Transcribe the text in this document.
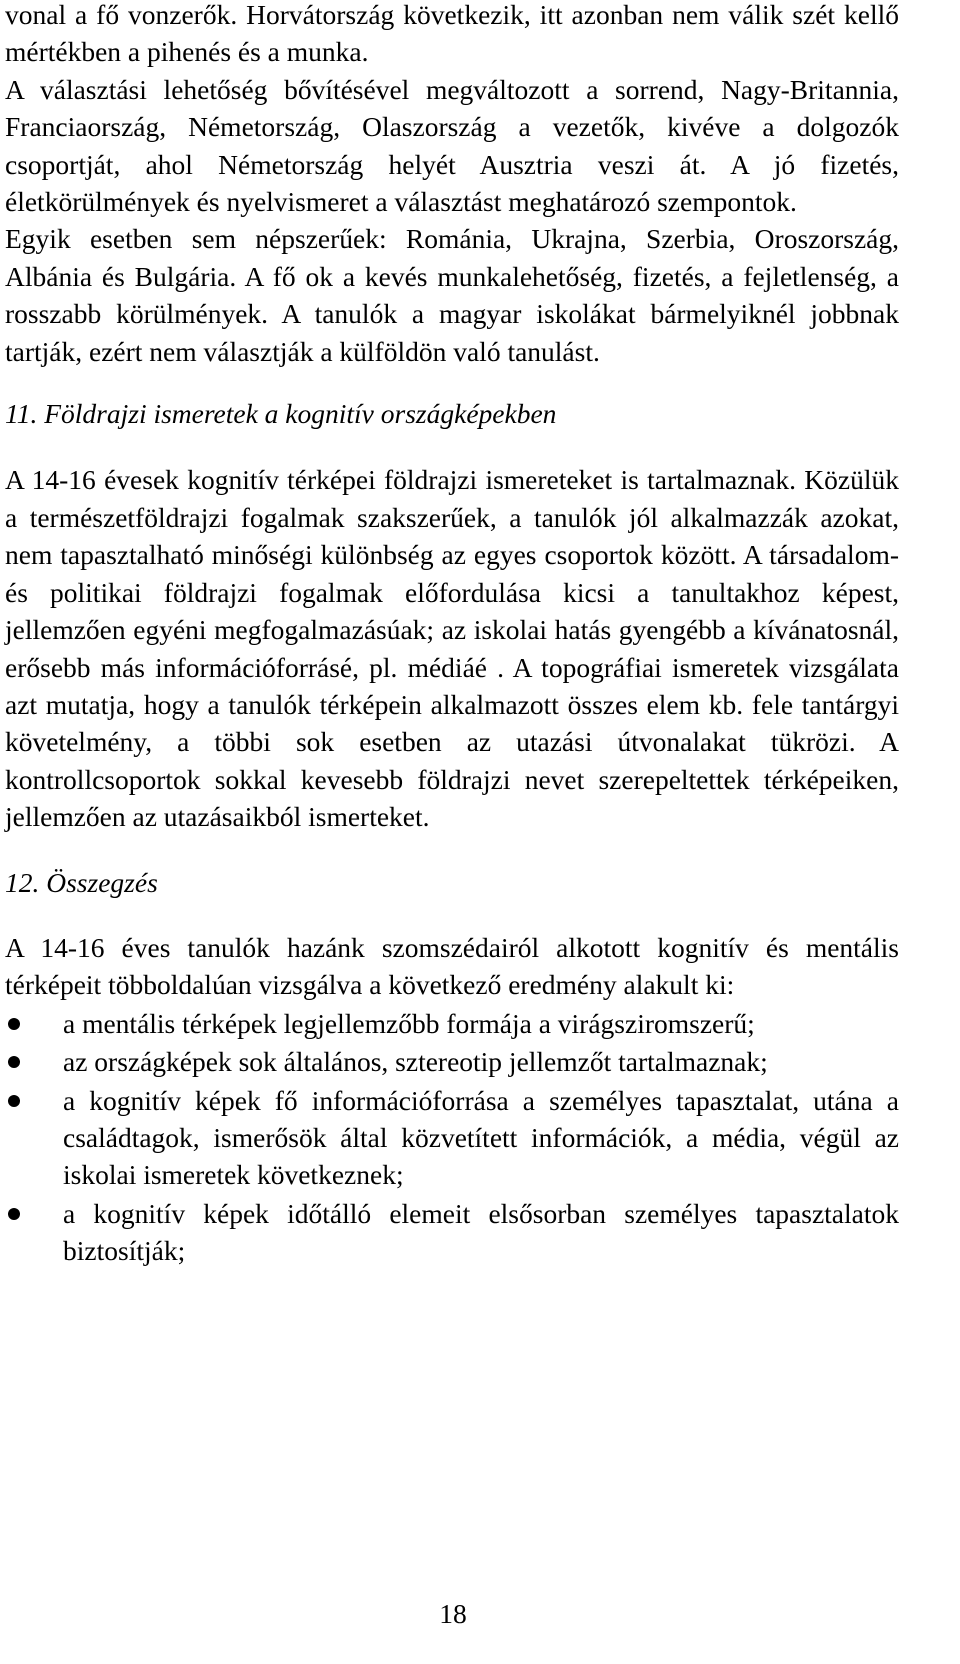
vonal a fő vonzerők. Horvátország következik, itt azonban nem válik szét kellő mértékben a pihenés és a munka.

A választási lehetőség bővítésével megváltozott a sorrend, Nagy-Britannia, Franciaország, Németország, Olaszország a vezetők, kivéve a dolgozók csoportját, ahol Németország helyét Ausztria veszi át. A jó fizetés, életkörülmények és nyelvismeret a választást meghatározó szempontok.

Egyik esetben sem népszerűek: Románia, Ukrajna, Szerbia, Oroszország, Albánia és Bulgária. A fő ok a kevés munkalehetőség, fizetés, a fejletlenség, a rosszabb körülmények. A tanulók a magyar iskolákat bármelyiknél jobbnak tartják, ezért nem választják a külföldön való tanulást.

11. Földrajzi ismeretek a kognitív országképekben

A 14-16 évesek kognitív térképei földrajzi ismereteket is tartalmaznak. Közülük a természetföldrajzi fogalmak szakszerűek, a tanulók jól alkalmazzák azokat, nem tapasztalható minőségi különbség az egyes csoportok között. A társadalom- és politikai földrajzi fogalmak előfordulása kicsi a tanultakhoz képest, jellemzően egyéni megfogalmazásúak; az iskolai hatás gyengébb a kívánatosnál, erősebb más információforrásé, pl. médiáé . A topográfiai ismeretek vizsgálata azt mutatja, hogy a tanulók térképein alkalmazott összes elem kb. fele tantárgyi követelmény, a többi sok esetben az utazási útvonalakat tükrözi. A kontrollcsoportok sokkal kevesebb földrajzi nevet szerepeltettek térképeiken, jellemzően az utazásaikból ismerteket.

12. Összegzés

A 14-16 éves tanulók hazánk szomszédairól alkotott kognitív és mentális térképeit többoldalúan vizsgálva a következő eredmény alakult ki:

a mentális térképek legjellemzőbb formája a virágsziromszerű;
az országképek sok általános, sztereotip jellemzőt tartalmaznak;
a kognitív képek fő információforrása a személyes tapasztalat, utána a családtagok, ismerősök által közvetített információk, a média, végül az iskolai ismeretek következnek;
a kognitív képek időtálló elemeit elsősorban személyes tapasztalatok biztosítják;
18
